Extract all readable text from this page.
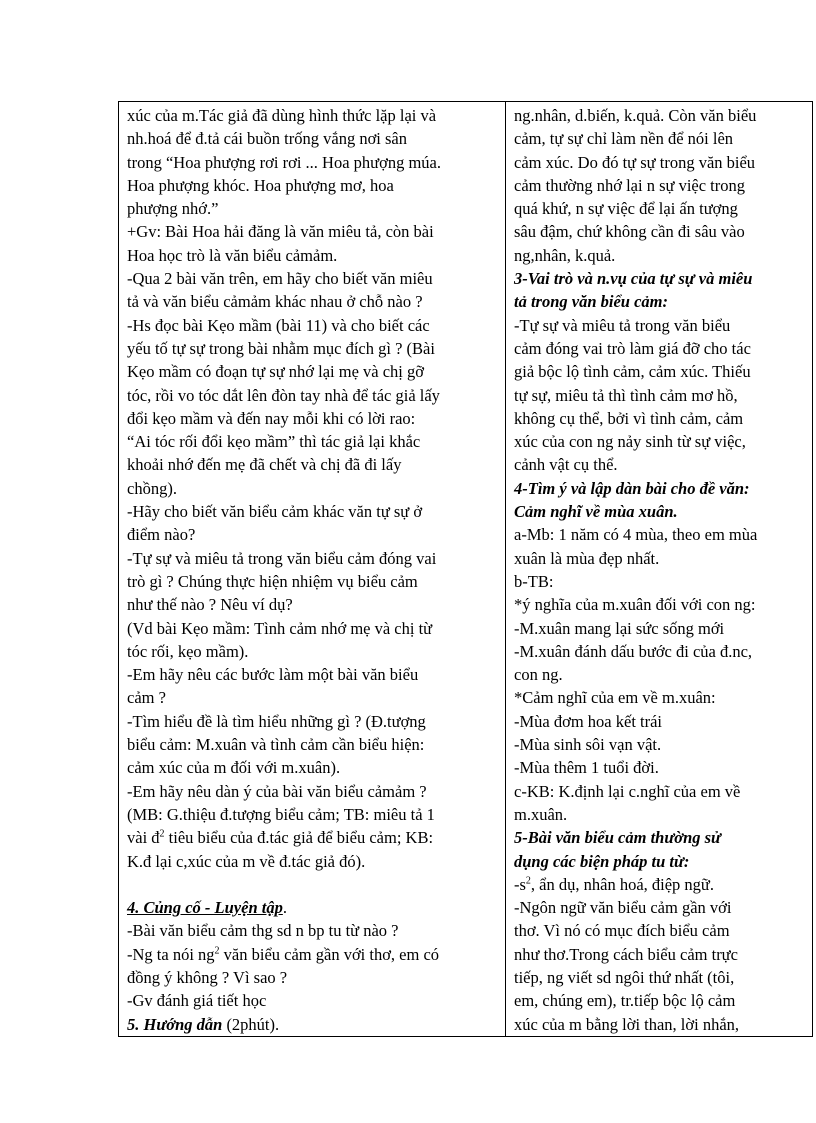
xúc của m.Tác giả đã dùng hình thức lặp lại và
nh.hoá để đ.tả cái buồn trống vắng nơi sân
trong “Hoa phượng rơi rơi ... Hoa phượng múa.
Hoa phượng khóc. Hoa phượng mơ, hoa
phượng nhớ.”
+Gv: Bài Hoa hải đăng là văn miêu tả, còn bài
Hoa học trò là văn biểu cảmảm.
-Qua 2 bài văn trên, em hãy cho biết văn miêu
tả và văn biểu cảmảm khác nhau ở chỗ nào ?
-Hs đọc bài Kẹo mầm (bài 11) và cho biết các
yếu tố tự sự trong bài nhằm mục đích gì ? (Bài
Kẹo mầm có đoạn tự sự nhớ lại mẹ và chị gỡ
tóc, rồi vo tóc dắt lên đòn tay nhà để tác giả lấy
đổi kẹo mầm và đến nay mỗi khi có lời rao:
“Ai tóc rối đổi kẹo mầm” thì tác giả lại khắc
khoải nhớ đến mẹ đã chết và chị đã đi lấy
chồng).
-Hãy cho biết văn biểu cảm khác văn tự sự ở
điểm nào?
-Tự sự và miêu tả trong văn biểu cảm đóng vai
trò gì ? Chúng thực hiện nhiệm vụ biểu cảm
như thế nào ? Nêu ví dụ?
(Vd bài Kẹo mầm: Tình cảm nhớ mẹ và chị từ
tóc rối, kẹo mầm).
-Em hãy nêu các bước làm một bài văn biểu
cảm ?
-Tìm hiểu đề là tìm hiểu những gì ? (Đ.tượng
biểu cảm: M.xuân và tình cảm cần biểu hiện:
cảm xúc của m đối với m.xuân).
-Em hãy nêu dàn ý của bài văn biểu cảmảm ?
(MB: G.thiệu đ.tượng biểu cảm; TB: miêu tả 1
vài $đ^2$ tiêu biểu của đ.tác giả để biểu cảm; KB:
K.đ lại c,xúc của m về đ.tác giả đó).
4. Củng cố - Luyện tập.
-Bài văn biểu cảm thg sd n bp tu từ nào ?
-Ng ta nói $ng^2$ văn biểu cảm gần với thơ, em có
đồng ý không ? Vì sao ?
-Gv đánh giá tiết học
5. Hướng dẫn (2phút).

ng.nhân, d.biến, k.quả. Còn văn biểu
cảm, tự sự chỉ làm nền để nói lên
cảm xúc. Do đó tự sự trong văn biểu
cảm thường nhớ lại n sự việc trong
quá khứ, n sự việc để lại ấn tượng
sâu đậm, chứ không cần đi sâu vào
ng,nhân, k.quả.
3-Vai trò và n.vụ của tự sự và miêu
tả trong văn biểu cảm:
-Tự sự và miêu tả trong văn biểu
cảm đóng vai trò làm giá đỡ cho tác
giả bộc lộ tình cảm, cảm xúc. Thiếu
tự sự, miêu tả thì tình cảm mơ hồ,
không cụ thể, bởi vì tình cảm, cảm
xúc của con ng nảy sinh từ sự việc,
cảnh vật cụ thể.
4-Tìm ý và lập dàn bài cho đề văn:
Cảm nghĩ về mùa xuân.
a-Mb: 1 năm có 4 mùa, theo em mùa
xuân là mùa đẹp nhất.
b-TB:
*ý nghĩa của m.xuân đối với con ng:
-M.xuân mang lại sức sống mới
-M.xuân đánh dấu bước đi của đ.nc,
con ng.
*Cảm nghĩ của em về m.xuân:
-Mùa đơm hoa kết trái
-Mùa sinh sôi vạn vật.
-Mùa thêm 1 tuổi đời.
c-KB: K.định lại c.nghĩ của em về
m.xuân.
5-Bài văn biểu cảm thường sử
dụng các biện pháp tu từ:
$-s^2$, ẩn dụ, nhân hoá, điệp ngữ.
-Ngôn ngữ văn biểu cảm gần với
thơ. Vì nó có mục đích biểu cảm
như thơ.Trong cách biểu cảm trực
tiếp, ng viết sd ngôi thứ nhất (tôi,
em, chúng em), tr.tiếp bộc lộ cảm
xúc của m bằng lời than, lời nhắn,
